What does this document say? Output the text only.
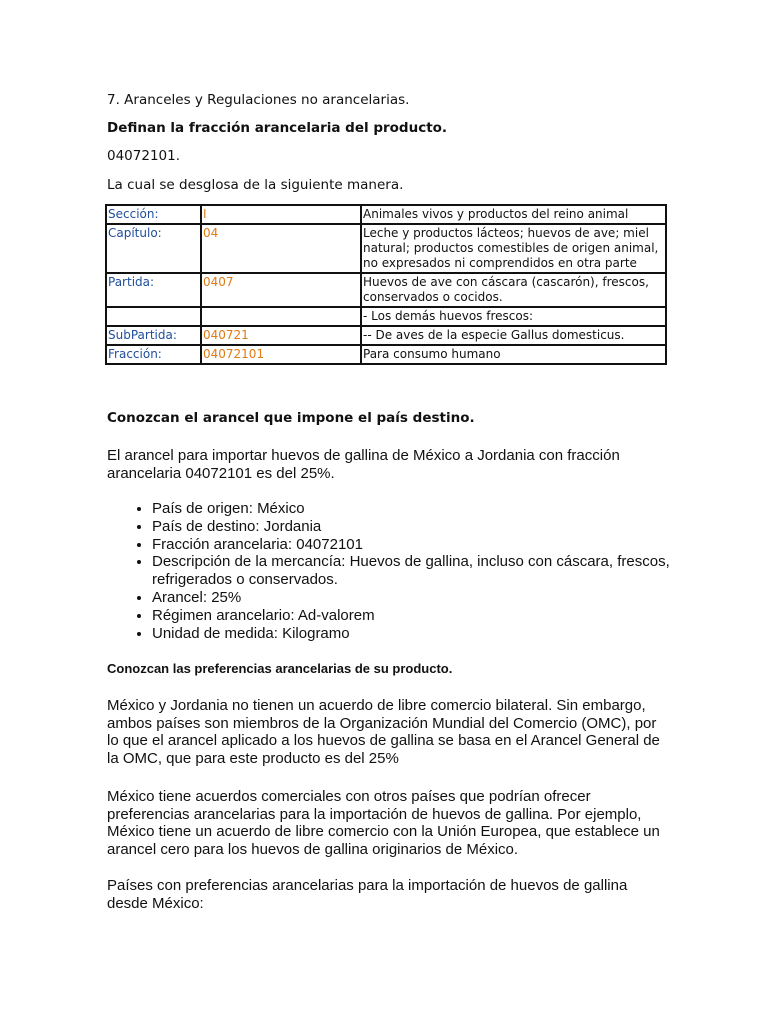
7. Aranceles y Regulaciones no arancelarias.

Definan la fracción arancelaria del producto.

04072101.

La cual se desglosa de la siguiente manera.

Sección:	I	Animales vivos y productos del reino animal
Capítulo:	04	Leche y productos lácteos; huevos de ave; miel natural; productos comestibles de origen animal, no expresados ni comprendidos en otra parte
Partida:	0407	Huevos de ave con cáscara (cascarón), frescos, conservados o cocidos.
		- Los demás huevos frescos:
SubPartida:	040721	-- De aves de la especie Gallus domesticus.
Fracción:	04072101	Para consumo humano

Conozcan el arancel que impone el país destino.

El arancel para importar huevos de gallina de México a Jordania con fracción arancelaria 04072101 es del 25%.

• País de origen: México
• País de destino: Jordania
• Fracción arancelaria: 04072101
• Descripción de la mercancía: Huevos de gallina, incluso con cáscara, frescos, refrigerados o conservados.
• Arancel: 25%
• Régimen arancelario: Ad-valorem
• Unidad de medida: Kilogramo

Conozcan las preferencias arancelarias de su producto.

México y Jordania no tienen un acuerdo de libre comercio bilateral. Sin embargo, ambos países son miembros de la Organización Mundial del Comercio (OMC), por lo que el arancel aplicado a los huevos de gallina se basa en el Arancel General de la OMC, que para este producto es del 25%

México tiene acuerdos comerciales con otros países que podrían ofrecer preferencias arancelarias para la importación de huevos de gallina. Por ejemplo, México tiene un acuerdo de libre comercio con la Unión Europea, que establece un arancel cero para los huevos de gallina originarios de México.

Países con preferencias arancelarias para la importación de huevos de gallina desde México:
